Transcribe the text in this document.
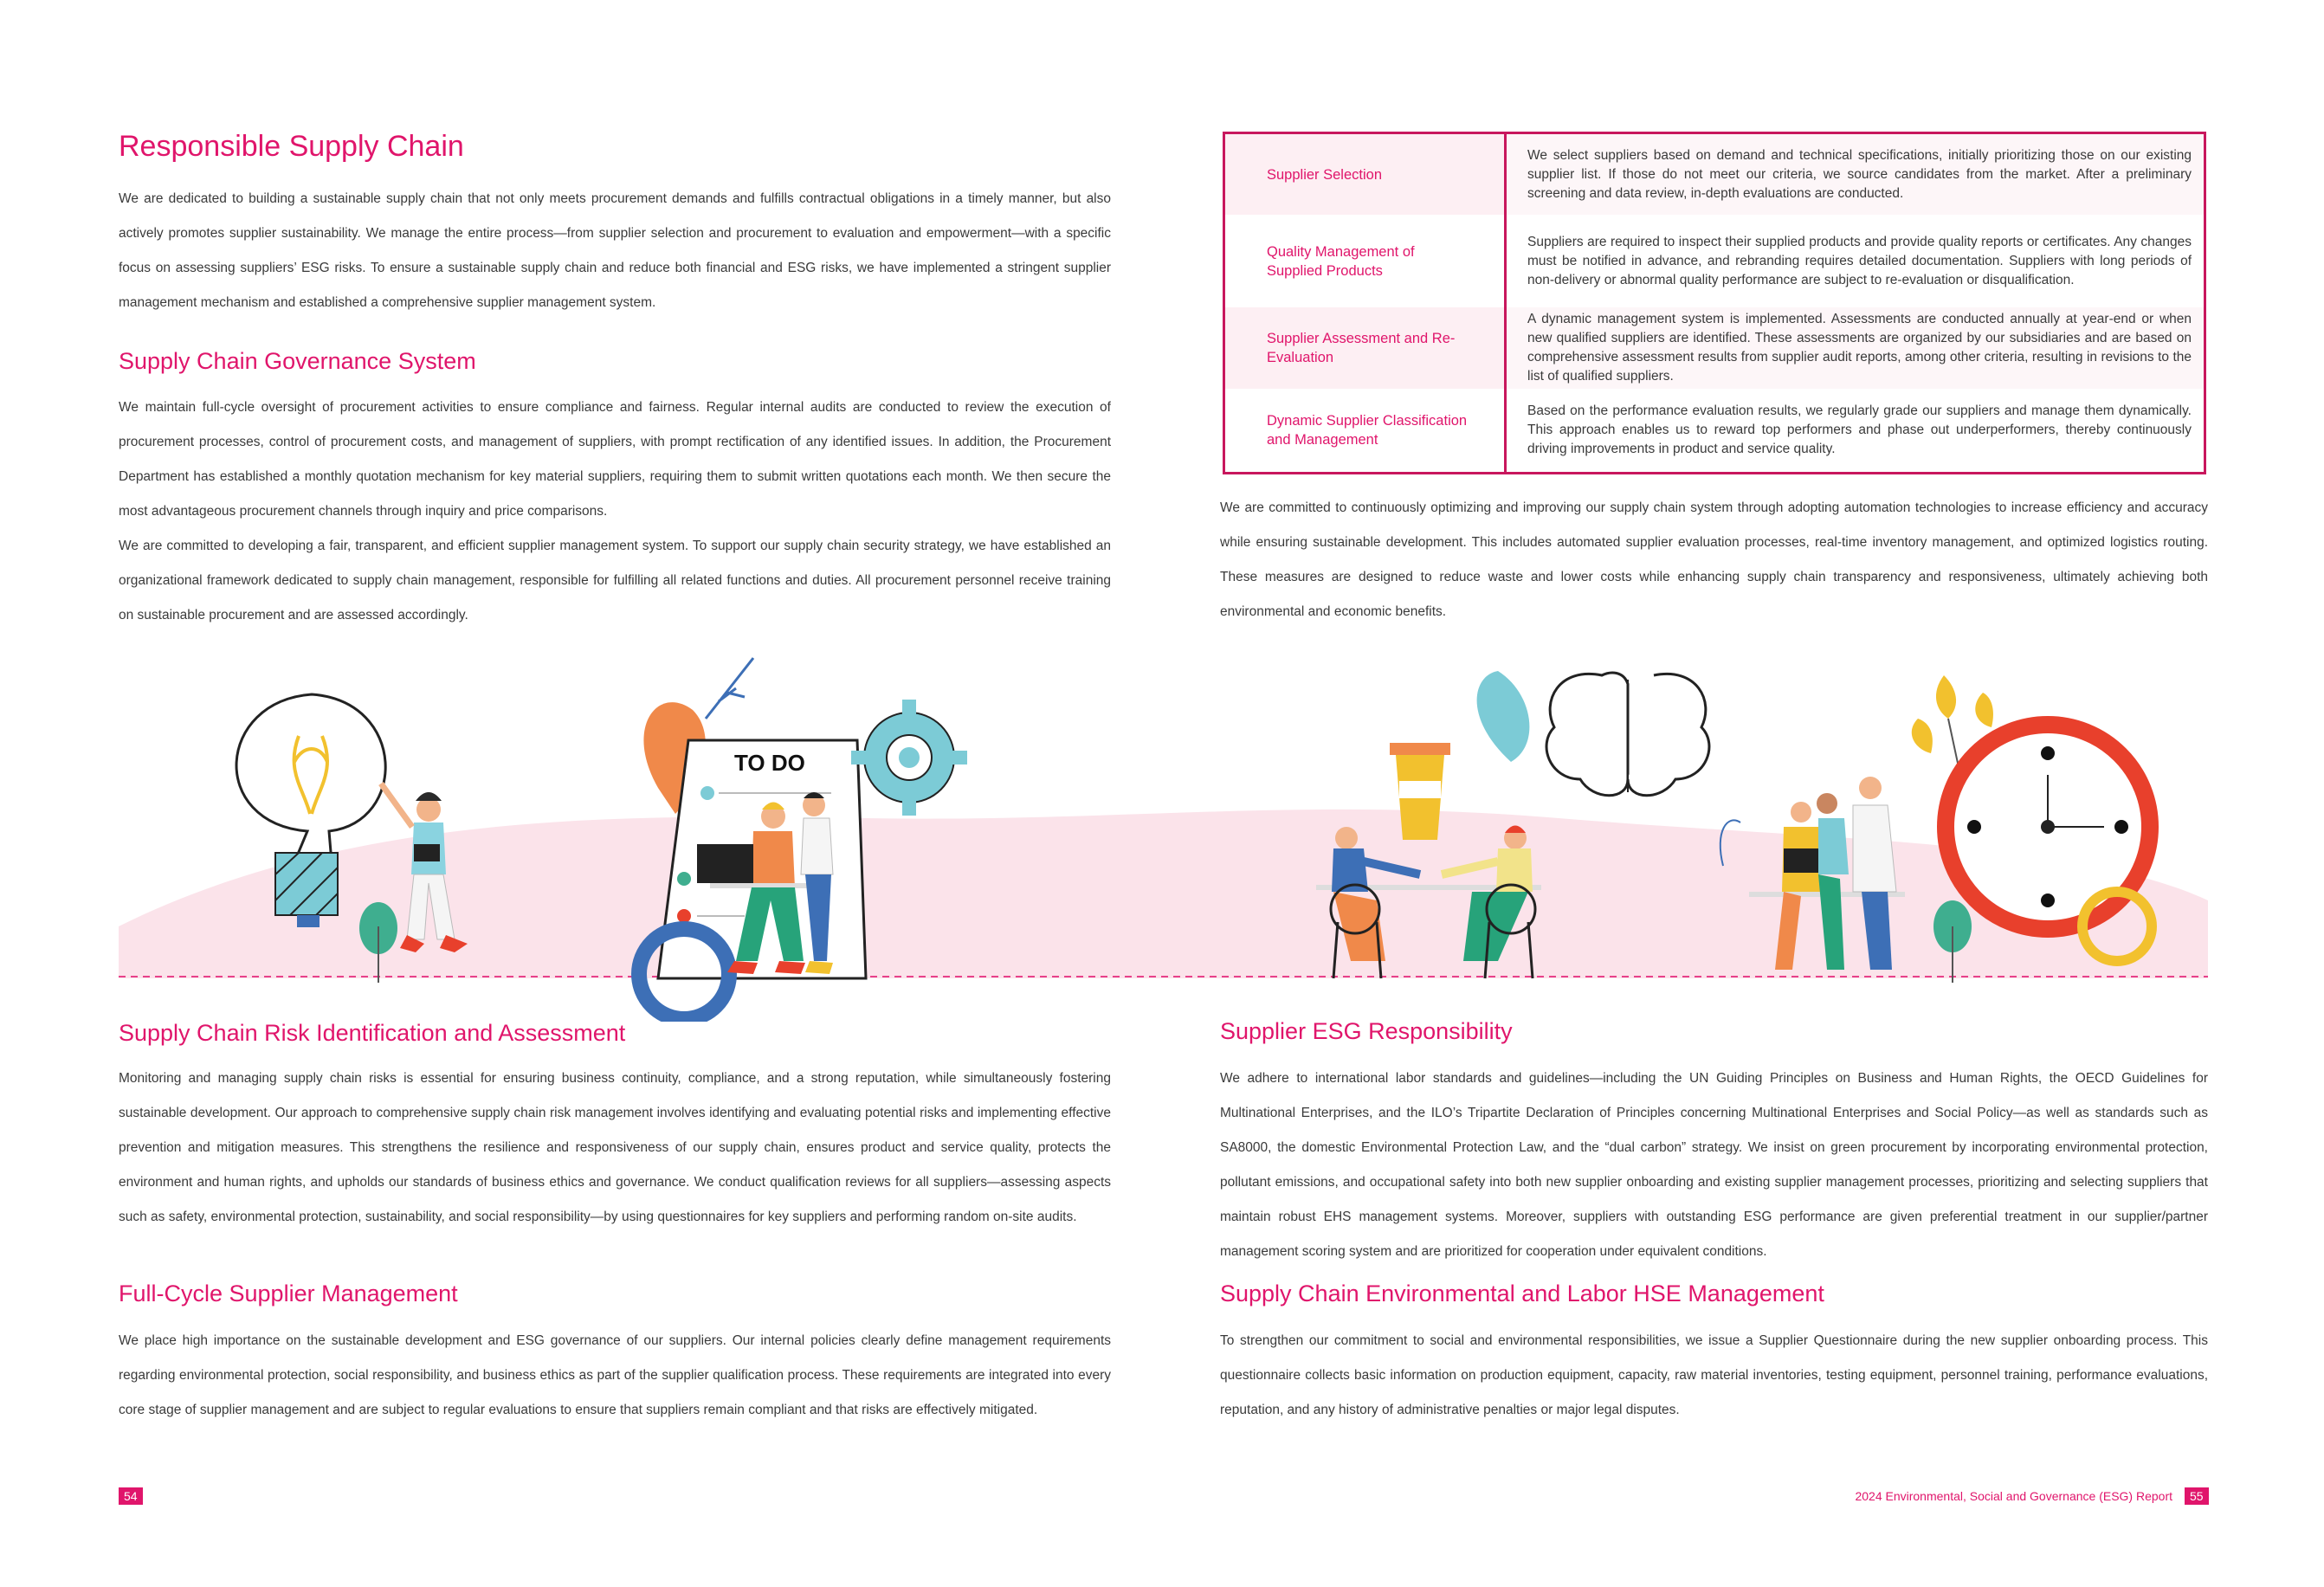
Responsible Supply Chain

We are dedicated to building a sustainable supply chain that not only meets procurement demands and fulfills contractual obligations in a timely manner, but also actively promotes supplier sustainability. We manage the entire process—from supplier selection and procurement to evaluation and empowerment—with a specific focus on assessing suppliers’ ESG risks. To ensure a sustainable supply chain and reduce both financial and ESG risks, we have implemented a stringent supplier management mechanism and established a comprehensive supplier management system.

Supply Chain Governance System

We maintain full-cycle oversight of procurement activities to ensure compliance and fairness. Regular internal audits are conducted to review the execution of procurement processes, control of procurement costs, and management of suppliers, with prompt rectification of any identified issues. In addition, the Procurement Department has established a monthly quotation mechanism for key material suppliers, requiring them to submit written quotations each month. We then secure the most advantageous procurement channels through inquiry and price comparisons.

We are committed to developing a fair, transparent, and efficient supplier management system. To support our supply chain security strategy, we have established an organizational framework dedicated to supply chain management, responsible for fulfilling all related functions and duties. All procurement personnel receive training on sustainable procurement and are assessed accordingly.

Supply Chain Risk Identification and Assessment

Monitoring and managing supply chain risks is essential for ensuring business continuity, compliance, and a strong reputation, while simultaneously fostering sustainable development. Our approach to comprehensive supply chain risk management involves identifying and evaluating potential risks and implementing effective prevention and mitigation measures. This strengthens the resilience and responsiveness of our supply chain, ensures product and service quality, protects the environment and human rights, and upholds our standards of business ethics and governance. We conduct qualification reviews for all suppliers—assessing aspects such as safety, environmental protection, sustainability, and social responsibility—by using questionnaires for key suppliers and performing random on-site audits.

Full-Cycle Supplier Management

We place high importance on the sustainable development and ESG governance of our suppliers. Our internal policies clearly define management requirements regarding environmental protection, social responsibility, and business ethics as part of the supplier qualification process. These requirements are integrated into every core stage of supplier management and are subject to regular evaluations to ensure that suppliers remain compliant and that risks are effectively mitigated.

54
Supplier Selection
We select suppliers based on demand and technical specifications, initially prioritizing those on our existing supplier list. If those do not meet our criteria, we source candidates from the market. After a preliminary screening and data review, in-depth evaluations are conducted.
Quality Management of Supplied Products
Suppliers are required to inspect their supplied products and provide quality reports or certificates. Any changes must be notified in advance, and rebranding requires detailed documentation. Suppliers with long periods of non-delivery or abnormal quality performance are subject to re-evaluation or disqualification.
Supplier Assessment and Re-Evaluation
A dynamic management system is implemented. Assessments are conducted annually at year-end or when new qualified suppliers are identified. These assessments are organized by our subsidiaries and are based on comprehensive assessment results from supplier audit reports, among other criteria, resulting in revisions to the list of qualified suppliers.
Dynamic Supplier Classification and Management
Based on the performance evaluation results, we regularly grade our suppliers and manage them dynamically. This approach enables us to reward top performers and phase out underperformers, thereby continuously driving improvements in product and service quality.

We are committed to continuously optimizing and improving our supply chain system through adopting automation technologies to increase efficiency and accuracy while ensuring sustainable development. This includes automated supplier evaluation processes, real-time inventory management, and optimized logistics routing. These measures are designed to reduce waste and lower costs while enhancing supply chain transparency and responsiveness, ultimately achieving both environmental and economic benefits.

Supplier ESG Responsibility

We adhere to international labor standards and guidelines—including the UN Guiding Principles on Business and Human Rights, the OECD Guidelines for Multinational Enterprises, and the ILO’s Tripartite Declaration of Principles concerning Multinational Enterprises and Social Policy—as well as standards such as SA8000, the domestic Environmental Protection Law, and the “dual carbon” strategy. We insist on green procurement by incorporating environmental protection, pollutant emissions, and occupational safety into both new supplier onboarding and existing supplier management processes, prioritizing and selecting suppliers that maintain robust EHS management systems. Moreover, suppliers with outstanding ESG performance are given preferential treatment in our supplier/partner management scoring system and are prioritized for cooperation under equivalent conditions.

Supply Chain Environmental and Labor HSE Management

To strengthen our commitment to social and environmental responsibilities, we issue a Supplier Questionnaire during the new supplier onboarding process. This questionnaire collects basic information on production equipment, capacity, raw material inventories, testing equipment, personnel training, performance evaluations, reputation, and any history of administrative penalties or major legal disputes.

2024 Environmental, Social and Governance (ESG) Report	55
TO DO
